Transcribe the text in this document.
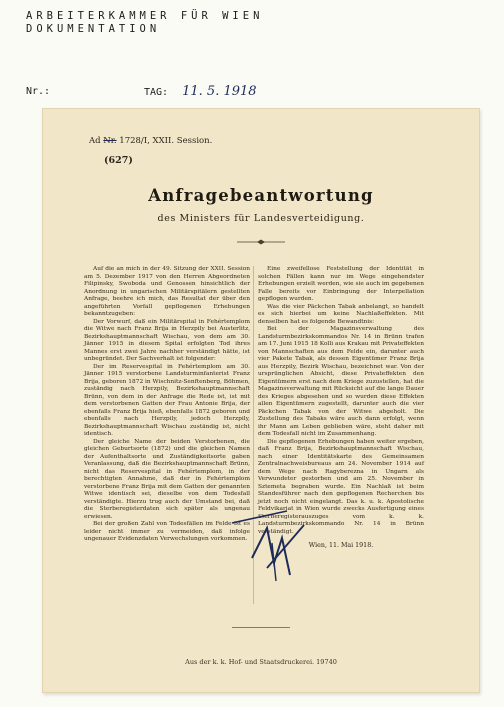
ARBEITERKAMMER FÜR WIEN
DOKUMENTATION
Nr.:	TAG: 11. 5. 1918
Ad Nr. 1728/I, XXII. Session.
(627)
Anfragebeantwortung
des Ministers für Landesverteidigung.

Auf die an mich in der 49. Sitzung der XXII. Session am 5. Dezember 1917 von den Herren Abgeordneten Filipinsky, Swoboda und Genossen hinsichtlich der Anordnung in ungarischen Militärspitälern gestellten Anfrage, beehre ich mich, das Resultat der über den angeführten Vorfall gepflogenen Erhebungen bekanntzugeben:

Der Vorwurf, daß ein Militärspital in Fehértemplom die Witwe nach Franz Brija in Herzpily bei Austerlitz, Bezirkshauptmannschaft Wischau, von dem am 30. Jänner 1915 in diesem Spital erfolgten Tod ihres Mannes erst zwei Jahre nachher verständigt hätte, ist unbegründet. Der Sachverhalt ist folgender:

Der im Reservespital in Fehértemplom am 30. Jänner 1915 verstorbene Landsturminfanterist Franz Brija, geboren 1872 in Wischnitz-Senftenberg, Böhmen, zuständig nach Herzpily, Bezirkshauptmannschaft Brünn, von dem in der Anfrage die Rede ist, ist mit dem verstorbenen Gatten der Frau Antonie Brija, der ebenfalls Franz Brija hieß, ebenfalls 1872 geboren und ebenfalls nach Herzpily, jedoch Herzpily, Bezirkshauptmannschaft Wischau zuständig ist, nicht identisch.

Der gleiche Name der beiden Verstorbenen, die gleichen Geburtsorte (1872) und die gleichen Namen der Aufenthaltsorte und Zuständigkeitsorte gaben Veranlassung, daß die Bezirkshauptmannschaft Brünn, nicht das Reservespital in Fehértemplom, in der berechtigten Annahme, daß der in Fehértemplom verstorbene Franz Brija mit dem Gatten der genannten Witwe identisch sei, dieselbe von dem Todesfall verständigte. Hierzu trug auch der Umstand bei, daß die Sterberegisterdaten sich später als ungenau erwiesen.

Bei der großen Zahl von Todesfällen im Felde ist es leider nicht immer zu vermeiden, daß infolge ungenauer Evidenzdaten Verwechslungen vorkommen.

Eine zweifellose Feststellung der Identität in solchen Fällen kann nur im Wege eingehendster Erhebungen erzielt werden, wie sie auch im gegebenen Falle bereits vor Einbringung der Interpellation gepflogen wurden.

Was die vier Päckchen Tabak anbelangt, so handelt es sich hierbei um keine Nachlaßeffekten. Mit denselben hat es folgende Bewandtnis:

Bei der Magazinsverwaltung des Landsturmbezirkskommandos Nr. 14 in Brünn trafen am 17. Juni 1915 18 Kolli aus Krakau mit Privateffekten von Mannschaften aus dem Felde ein, darunter auch vier Pakete Tabak, als dessen Eigentümer Franz Brija aus Herzpily, Bezirk Wischau, bezeichnet war. Von der ursprünglichen Absicht, diese Privateffekten den Eigentümern erst nach dem Kriege zuzustellen, hat die Magazinsverwaltung mit Rücksicht auf die lange Dauer des Krieges abgesehen und so wurden diese Effekten allen Eigentümern zugestellt, darunter auch die vier Päckchen Tabak von der Witwe abgeholt. Die Zustellung des Tabaks wäre auch dann erfolgt, wenn ihr Mann am Leben geblieben wäre, steht daher mit dem Todesfall nicht im Zusammenhang.

Die gepflogenen Erhebungen haben weiter ergeben, daß Franz Brija, Bezirkshauptmannschaft Wischau, nach einer Identitätskarte des Gemeinsamen Zentralnachweisbureaus am 24. November 1914 auf dem Wege nach Ragyberezna in Ungarn als Verwundeter gestorben und am 25. November in Sztemeta begraben wurde. Ein Nachlaß ist beim Standesführer nach den gepflogenen Recherchen bis jetzt noch nicht eingelangt. Das k. u. k. Apostolische Feldvikariat in Wien wurde zwecks Ausfertigung eines Sterberegisterauszuges vom k. k. Landsturmbezirkskommando Nr. 14 in Brünn verständigt.

Wien, 11. Mai 1918.

Aus der k. k. Hof- und Staatsdruckerei. 19740
